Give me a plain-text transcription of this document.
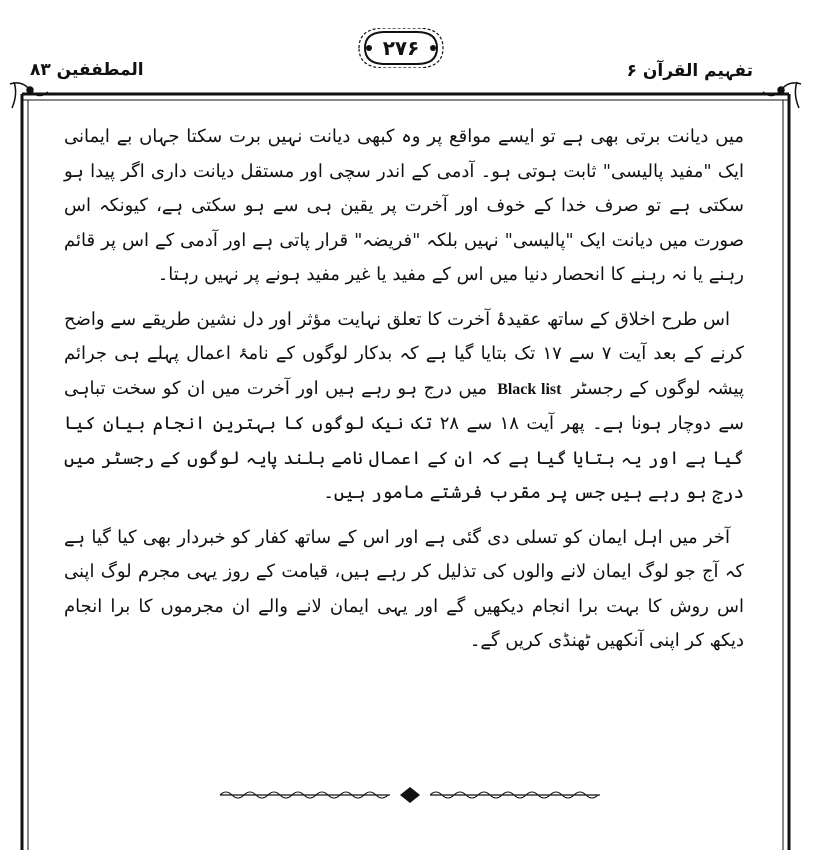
المطففین ۸۳
۲۷۶
تفہیم القرآن ۶

میں دیانت برتی بھی ہے تو ایسے مواقع پر وہ کبھی دیانت نہیں برت سکتا جہاں بے ایمانی ایک "مفید پالیسی" ثابت ہوتی ہو۔ آدمی کے اندر سچی اور مستقل دیانت داری اگر پیدا ہو سکتی ہے تو صرف خدا کے خوف اور آخرت پر یقین ہی سے ہو سکتی ہے، کیونکہ اس صورت میں دیانت ایک "پالیسی" نہیں بلکہ "فریضہ" قرار پاتی ہے اور آدمی کے اس پر قائم رہنے یا نہ رہنے کا انحصار دنیا میں اس کے مفید یا غیر مفید ہونے پر نہیں رہتا۔

اس طرح اخلاق کے ساتھ عقیدۂ آخرت کا تعلق نہایت مؤثر اور دل نشین طریقے سے واضح کرنے کے بعد آیت ۷ سے ۱۷ تک بتایا گیا ہے کہ بدکار لوگوں کے نامۂ اعمال پہلے ہی جرائم پیشہ لوگوں کے رجسٹرBlack listمیں درج ہو رہے ہیں اور آخرت میں ان کو سخت تباہی سے دوچار ہونا ہے۔ پھر آیت ۱۸ سے ۲۸ تک نیک لوگوں کا بہترین انجام بیان کیا گیا ہے اور یہ بتایا گیا ہے کہ ان کے اعمال نامے بلند پایہ لوگوں کے رجسٹر میں درج ہو رہے ہیں جس پر مقرب فرشتے مامور ہیں۔

آخر میں اہل ایمان کو تسلی دی گئی ہے اور اس کے ساتھ کفار کو خبردار بھی کیا گیا ہے کہ آج جو لوگ ایمان لانے والوں کی تذلیل کر رہے ہیں، قیامت کے روز یہی مجرم لوگ اپنی اس روش کا بہت برا انجام دیکھیں گے اور یہی ایمان لانے والے ان مجرموں کا برا انجام دیکھ کر اپنی آنکھیں ٹھنڈی کریں گے۔
